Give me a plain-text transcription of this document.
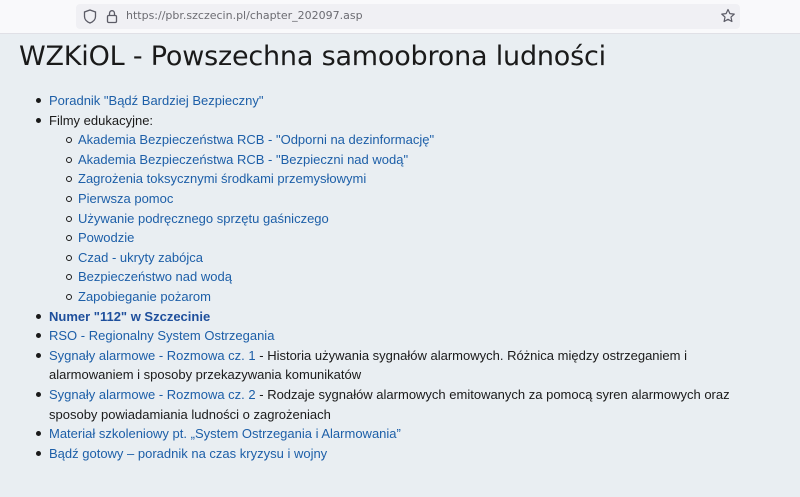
https://pbr.szczecin.pl/chapter_202097.asp
WZKiOL - Powszechna samoobrona ludności
Poradnik "Bądź Bardziej Bezpieczny"
Filmy edukacyjne:
Akademia Bezpieczeństwa RCB - "Odporni na dezinformację"
Akademia Bezpieczeństwa RCB - "Bezpieczni nad wodą"
Zagrożenia toksycznymi środkami przemysłowymi
Pierwsza pomoc
Używanie podręcznego sprzętu gaśniczego
Powodzie
Czad - ukryty zabójca
Bezpieczeństwo nad wodą
Zapobieganie pożarom
Numer "112" w Szczecinie
RSO - Regionalny System Ostrzegania
Sygnały alarmowe - Rozmowa cz. 1 - Historia używania sygnałów alarmowych. Różnica między ostrzeganiem i alarmowaniem i sposoby przekazywania komunikatów
Sygnały alarmowe - Rozmowa cz. 2 - Rodzaje sygnałów alarmowych emitowanych za pomocą syren alarmowych oraz sposoby powiadamiania ludności o zagrożeniach
Materiał szkoleniowy pt. „System Ostrzegania i Alarmowania”
Bądź gotowy – poradnik na czas kryzysu i wojny
